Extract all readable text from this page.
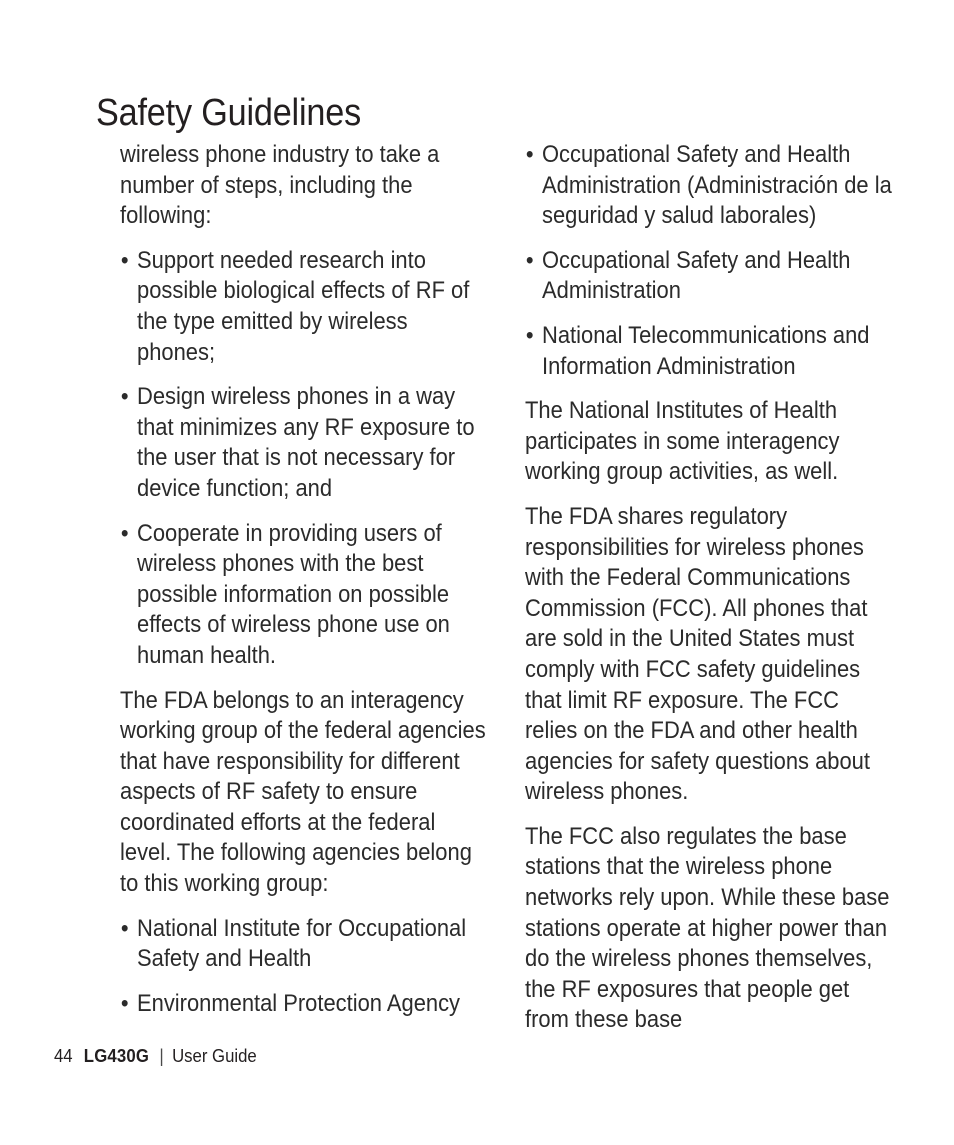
Safety Guidelines

wireless phone industry to take a number of steps, including the following:

• Support needed research into possible biological effects of RF of the type emitted by wireless phones;
• Design wireless phones in a way that minimizes any RF exposure to the user that is not necessary for device function; and
• Cooperate in providing users of wireless phones with the best possible information on possible effects of wireless phone use on human health.

The FDA belongs to an interagency working group of the federal agencies that have responsibility for different aspects of RF safety to ensure coordinated efforts at the federal level. The following agencies belong to this working group:

• National Institute for Occupational Safety and Health
• Environmental Protection Agency
• Occupational Safety and Health Administration (Administración de la seguridad y salud laborales)
• Occupational Safety and Health Administration
• National Telecommunications and Information Administration

The National Institutes of Health participates in some interagency working group activities, as well.

The FDA shares regulatory responsibilities for wireless phones with the Federal Communications Commission (FCC). All phones that are sold in the United States must comply with FCC safety guidelines that limit RF exposure. The FCC relies on the FDA and other health agencies for safety questions about wireless phones.

The FCC also regulates the base stations that the wireless phone networks rely upon. While these base stations operate at higher power than do the wireless phones themselves, the RF exposures that people get from these base

44 LG430G | User Guide
